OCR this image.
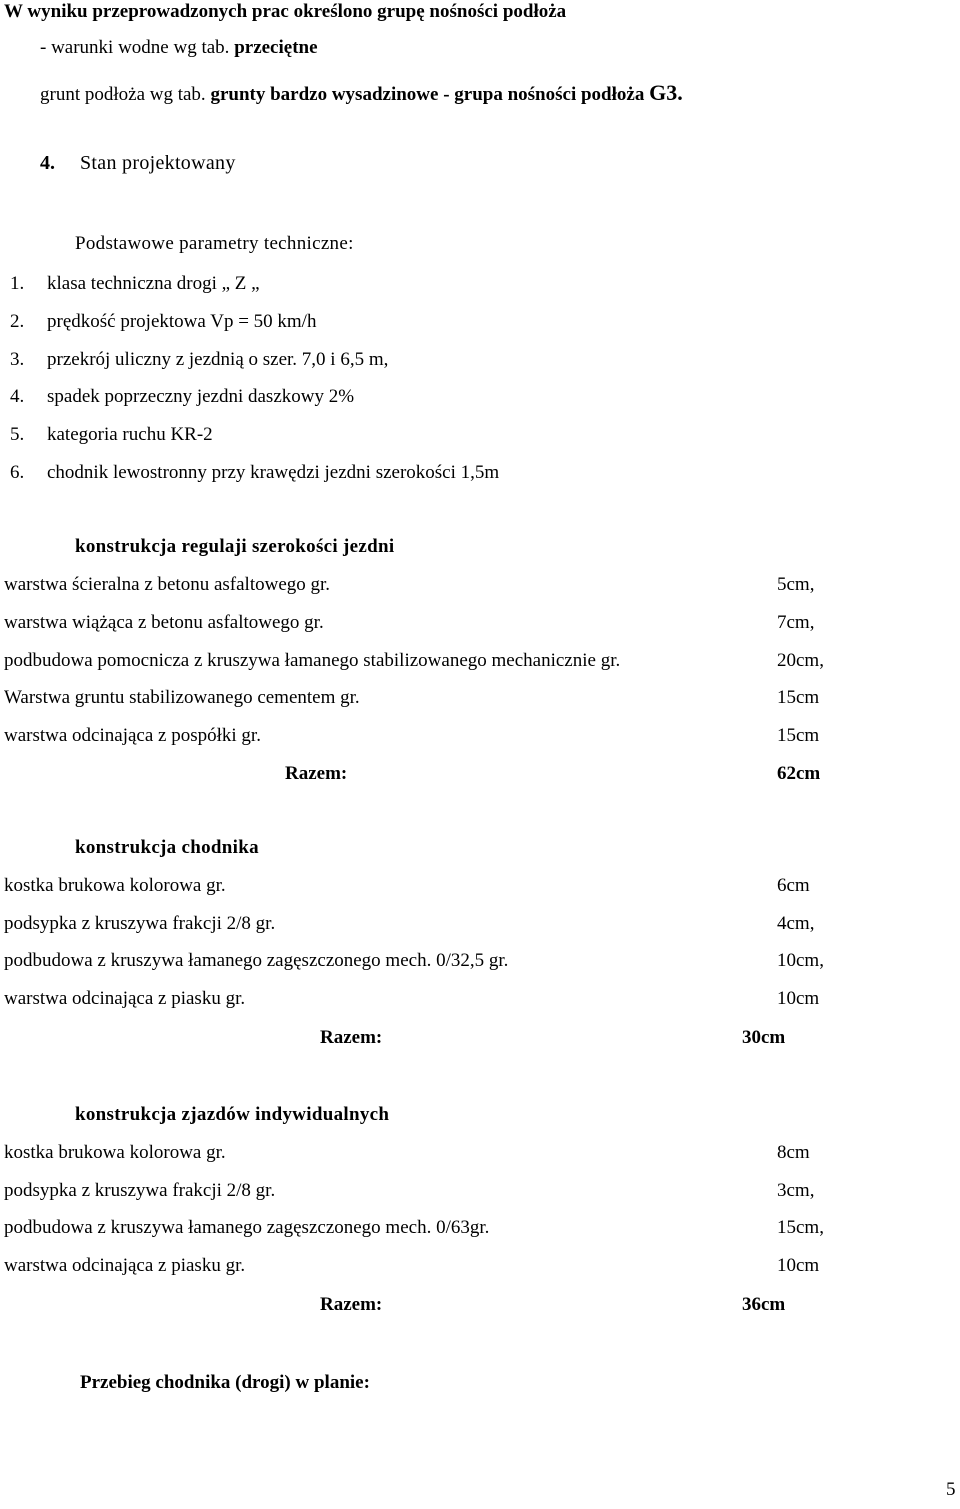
W wyniku przeprowadzonych prac określono grupę nośności podłoża
- warunki wodne wg tab. przeciętne
grunt podłoża wg tab. grunty bardzo wysadzinowe - grupa nośności podłoża G3.
4. Stan projektowany
Podstawowe parametry techniczne:
1. klasa techniczna drogi „ Z „
2. prędkość projektowa Vp = 50 km/h
3. przekrój uliczny z jezdnią o szer. 7,0 i 6,5 m,
4. spadek poprzeczny jezdni daszkowy 2%
5. kategoria ruchu KR-2
6. chodnik lewostronny przy krawędzi jezdni szerokości 1,5m
konstrukcja regulaji szerokości jezdni
warstwa ścieralna z betonu asfaltowego gr.	5cm,
warstwa wiążąca z betonu asfaltowego gr.	7cm,
podbudowa pomocnicza z kruszywa łamanego stabilizowanego mechanicznie gr.	20cm,
Warstwa gruntu stabilizowanego cementem gr.	15cm
warstwa odcinająca z pospółki gr.	15cm
Razem:	62cm
konstrukcja chodnika
kostka brukowa kolorowa gr.	6cm
podsypka z kruszywa frakcji 2/8 gr.	4cm,
podbudowa z kruszywa łamanego zagęszczonego mech. 0/32,5 gr.	10cm,
warstwa odcinająca z piasku gr.	10cm
Razem:	30cm
konstrukcja zjazdów indywidualnych
kostka brukowa kolorowa gr.	8cm
podsypka z kruszywa frakcji 2/8 gr.	3cm,
podbudowa z kruszywa łamanego zagęszczonego mech. 0/63gr.	15cm,
warstwa odcinająca z piasku gr.	10cm
Razem:	36cm
Przebieg chodnika (drogi) w planie:
5
